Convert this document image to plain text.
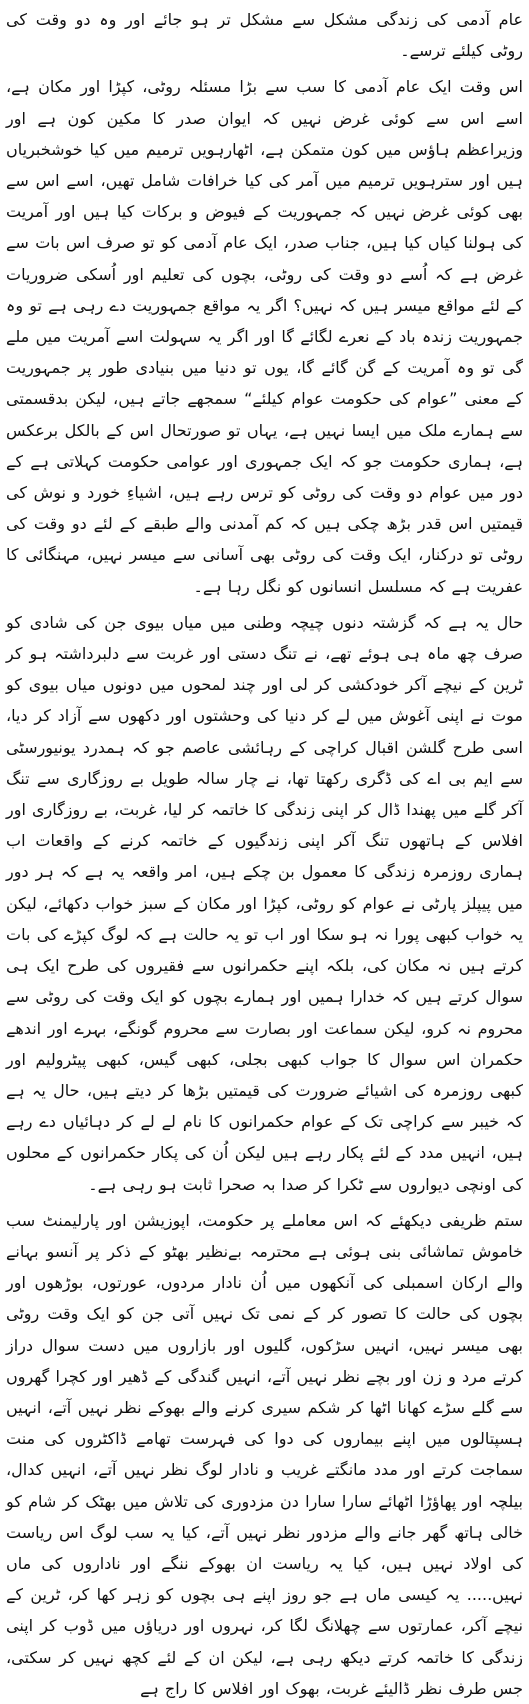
عام آدمی کی زندگی مشکل سے مشکل تر ہو جائے اور وہ دو وقت کی روٹی کیلئے ترسے۔

اس وقت ایک عام آدمی کا سب سے بڑا مسئلہ روٹی، کپڑا اور مکان ہے، اسے اس سے کوئی غرض نہیں کہ ایوان صدر کا مکین کون ہے اور وزیراعظم ہاؤس میں کون متمکن ہے، اٹھارہویں ترمیم میں کیا خوشخبریاں ہیں اور سترہویں ترمیم میں آمر کی کیا خرافات شامل تھیں، اسے اس سے بھی کوئی غرض نہیں کہ جمہوریت کے فیوض و برکات کیا ہیں اور آمریت کی ہولنا کیاں کیا ہیں، جناب صدر، ایک عام آدمی کو تو صرف اس بات سے غرض ہے کہ اُسے دو وقت کی روٹی، بچوں کی تعلیم اور اُسکی ضروریات کے لئے مواقع میسر ہیں کہ نہیں؟ اگر یہ مواقع جمہوریت دے رہی ہے تو وہ جمہوریت زندہ باد کے نعرے لگائے گا اور اگر یہ سہولت اسے آمریت میں ملے گی تو وہ آمریت کے گن گائے گا، یوں تو دنیا میں بنیادی طور پر جمہوریت کے معنی ”عوام کی حکومت عوام کیلئے“ سمجھے جاتے ہیں، لیکن بدقسمتی سے ہمارے ملک میں ایسا نہیں ہے، یہاں تو صورتحال اس کے بالکل برعکس ہے، ہماری حکومت جو کہ ایک جمہوری اور عوامی حکومت کہلاتی ہے کے دور میں عوام دو وقت کی روٹی کو ترس رہے ہیں، اشیاءِ خورد و نوش کی قیمتیں اس قدر بڑھ چکی ہیں کہ کم آمدنی والے طبقے کے لئے دو وقت کی روٹی تو درکنار، ایک وقت کی روٹی بھی آسانی سے میسر نہیں، مہنگائی کا عفریت ہے کہ مسلسل انسانوں کو نگل رہا ہے۔

حال یہ ہے کہ گزشتہ دنوں چیچہ وطنی میں میاں بیوی جن کی شادی کو صرف چھ ماہ ہی ہوئے تھے، نے تنگ دستی اور غربت سے دلبرداشتہ ہو کر ٹرین کے نیچے آکر خودکشی کر لی اور چند لمحوں میں دونوں میاں بیوی کو موت نے اپنی آغوش میں لے کر دنیا کی وحشتوں اور دکھوں سے آزاد کر دیا، اسی طرح گلشن اقبال کراچی کے رہائشی عاصم جو کہ ہمدرد یونیورسٹی سے ایم بی اے کی ڈگری رکھتا تھا، نے چار سالہ طویل بے روزگاری سے تنگ آکر گلے میں پھندا ڈال کر اپنی زندگی کا خاتمہ کر لیا، غربت، بے روزگاری اور افلاس کے ہاتھوں تنگ آکر اپنی زندگیوں کے خاتمہ کرنے کے واقعات اب ہماری روزمرہ زندگی کا معمول بن چکے ہیں، امر واقعہ یہ ہے کہ ہر دور میں پیپلز پارٹی نے عوام کو روٹی، کپڑا اور مکان کے سبز خواب دکھائے، لیکن یہ خواب کبھی پورا نہ ہو سکا اور اب تو یہ حالت ہے کہ لوگ کپڑے کی بات کرتے ہیں نہ مکان کی، بلکہ اپنے حکمرانوں سے فقیروں کی طرح ایک ہی سوال کرتے ہیں کہ خدارا ہمیں اور ہمارے بچوں کو ایک وقت کی روٹی سے محروم نہ کرو، لیکن سماعت اور بصارت سے محروم گونگے، بہرے اور اندھے حکمران اس سوال کا جواب کبھی بجلی، کبھی گیس، کبھی پیٹرولیم اور کبھی روزمرہ کی اشیائے ضرورت کی قیمتیں بڑھا کر دیتے ہیں، حال یہ ہے کہ خیبر سے کراچی تک کے عوام حکمرانوں کا نام لے لے کر دہائیاں دے رہے ہیں، انہیں مدد کے لئے پکار رہے ہیں لیکن اُن کی پکار حکمرانوں کے محلوں کی اونچی دیواروں سے ٹکرا کر صدا بہ صحرا ثابت ہو رہی ہے۔

ستم ظریفی دیکھئے کہ اس معاملے پر حکومت، اپوزیشن اور پارلیمنٹ سب خاموش تماشائی بنی ہوئی ہے محترمہ بےنظیر بھٹو کے ذکر پر آنسو بہانے والے ارکان اسمبلی کی آنکھوں میں اُن نادار مردوں، عورتوں، بوڑھوں اور بچوں کی حالت کا تصور کر کے نمی تک نہیں آتی جن کو ایک وقت روٹی بھی میسر نہیں، انہیں سڑکوں، گلیوں اور بازاروں میں دست سوال دراز کرتے مرد و زن اور بچے نظر نہیں آتے، انہیں گندگی کے ڈھیر اور کچرا گھروں سے گلے سڑے کھانا اٹھا کر شکم سیری کرنے والے بھوکے نظر نہیں آتے، انہیں ہسپتالوں میں اپنے بیماروں کی دوا کی فہرست تھامے ڈاکٹروں کی منت سماجت کرتے اور مدد مانگتے غریب و نادار لوگ نظر نہیں آتے، انہیں کدال، بیلچہ اور پھاؤڑا اٹھائے سارا سارا دن مزدوری کی تلاش میں بھٹک کر شام کو خالی ہاتھ گھر جانے والے مزدور نظر نہیں آتے، کیا یہ سب لوگ اس ریاست کی اولاد نہیں ہیں، کیا یہ ریاست ان بھوکے ننگے اور ناداروں کی ماں نہیں..... یہ کیسی ماں ہے جو روز اپنے ہی بچوں کو زہر کھا کر، ٹرین کے نیچے آکر، عمارتوں سے چھلانگ لگا کر، نہروں اور دریاؤں میں ڈوب کر اپنی زندگی کا خاتمہ کرتے دیکھ رہی ہے، لیکن ان کے لئے کچھ نہیں کر سکتی، جس طرف نظر ڈالیئے غربت، بھوک اور افلاس کا راج ہے
